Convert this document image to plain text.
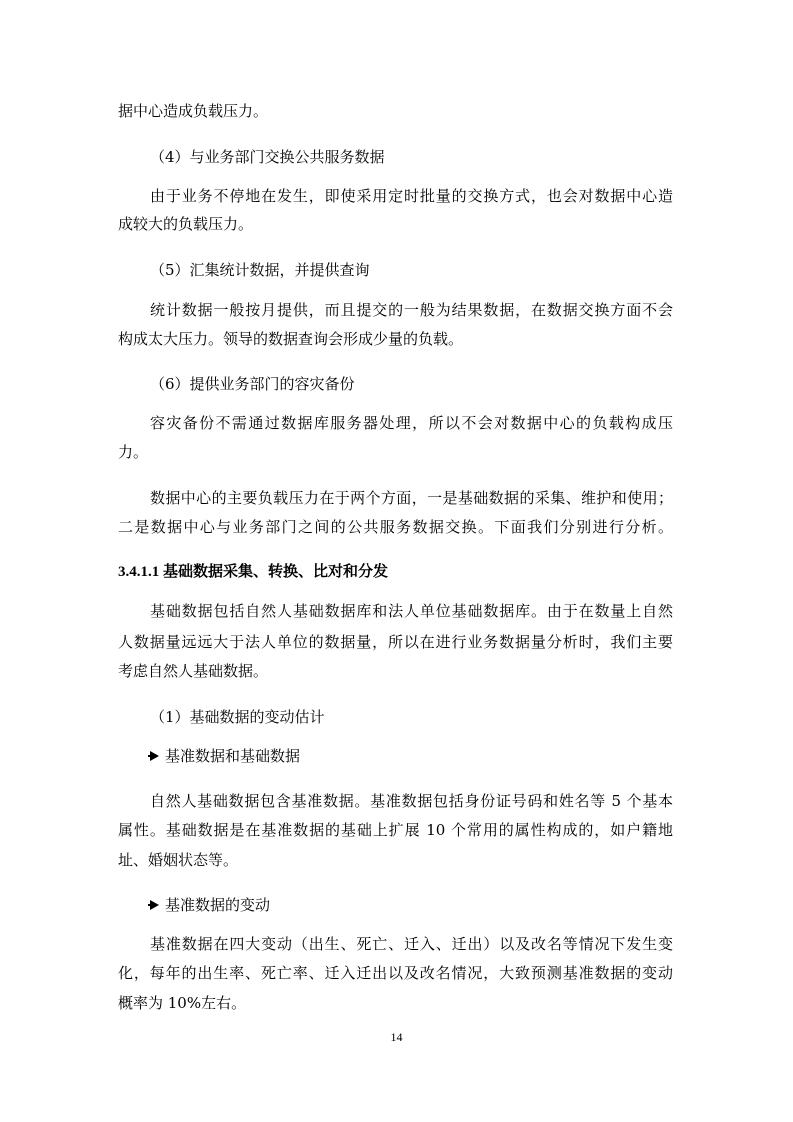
据中心造成负载压力。
（4）与业务部门交换公共服务数据
由于业务不停地在发生，即使采用定时批量的交换方式，也会对数据中心造
成较大的负载压力。
（5）汇集统计数据，并提供查询
统计数据一般按月提供，而且提交的一般为结果数据，在数据交换方面不会
构成太大压力。领导的数据查询会形成少量的负载。
（6）提供业务部门的容灾备份
容灾备份不需通过数据库服务器处理，所以不会对数据中心的负载构成压
力。
数据中心的主要负载压力在于两个方面，一是基础数据的采集、维护和使用；
二是数据中心与业务部门之间的公共服务数据交换。下面我们分别进行分析。
3.4.1.1 基础数据采集、转换、比对和分发
基础数据包括自然人基础数据库和法人单位基础数据库。由于在数量上自然
人数据量远远大于法人单位的数据量，所以在进行业务数据量分析时，我们主要
考虑自然人基础数据。
（1）基础数据的变动估计
基准数据和基础数据
自然人基础数据包含基准数据。基准数据包括身份证号码和姓名等 5 个基本
属性。基础数据是在基准数据的基础上扩展 10 个常用的属性构成的，如户籍地
址、婚姻状态等。
基准数据的变动
基准数据在四大变动（出生、死亡、迁入、迁出）以及改名等情况下发生变
化，每年的出生率、死亡率、迁入迁出以及改名情况，大致预测基准数据的变动
概率为 10%左右。
14
